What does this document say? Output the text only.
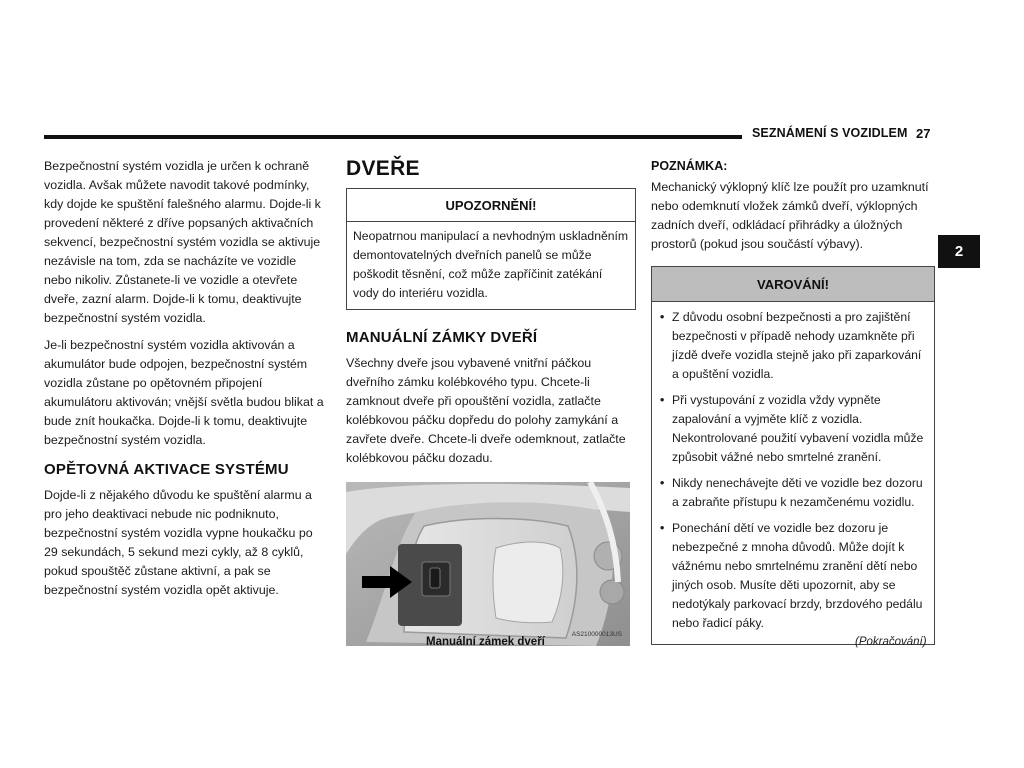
SEZNÁMENÍ S VOZIDLEM 27
2

Bezpečnostní systém vozidla je určen k ochraně vozidla. Avšak můžete navodit takové podmínky, kdy dojde ke spuštění falešného alarmu. Dojde-li k provedení některé z dříve popsaných aktivačních sekvencí, bezpečnostní systém vozidla se aktivuje nezávisle na tom, zda se nacházíte ve vozidle nebo nikoliv. Zůstanete-li ve vozidle a otevřete dveře, zazní alarm. Dojde-li k tomu, deaktivujte bezpečnostní systém vozidla.

Je-li bezpečnostní systém vozidla aktivován a akumulátor bude odpojen, bezpečnostní systém vozidla zůstane po opětovném připojení akumulátoru aktivován; vnější světla budou blikat a bude znít houkačka. Dojde-li k tomu, deaktivujte bezpečnostní systém vozidla.

OPĚTOVNÁ AKTIVACE SYSTÉMU

Dojde-li z nějakého důvodu ke spuštění alarmu a pro jeho deaktivaci nebude nic podniknuto, bezpečnostní systém vozidla vypne houkačku po 29 sekundách, 5 sekund mezi cykly, až 8 cyklů, pokud spouštěč zůstane aktivní, a pak se bezpečnostní systém vozidla opět aktivuje.

DVEŘE
UPOZORNĚNÍ!
Neopatrnou manipulací a nevhodným uskladněním demontovatelných dveřních panelů se může poškodit těsnění, což může zapříčinit zatékání vody do interiéru vozidla.
MANUÁLNÍ ZÁMKY DVEŘÍ

Všechny dveře jsou vybavené vnitřní páčkou dveřního zámku kolébkového typu. Chcete-li zamknout dveře při opouštění vozidla, zatlačte kolébkovou páčku dopředu do polohy zamykání a zavřete dveře. Chcete-li dveře odemknout, zatlačte kolébkovou páčku dozadu.

AS210000013US
Manuální zámek dveří
POZNÁMKA:

Mechanický výklopný klíč lze použít pro uzamknutí nebo odemknutí vložek zámků dveří, výklopných zadních dveří, odkládací přihrádky a úložných prostorů (pokud jsou součástí výbavy).

VAROVÁNÍ!
• Z důvodu osobní bezpečnosti a pro zajištění bezpečnosti v případě nehody uzamkněte při jízdě dveře vozidla stejně jako při zaparkování a opuštění vozidla.
• Při vystupování z vozidla vždy vypněte zapalování a vyjměte klíč z vozidla. Nekontrolované použití vybavení vozidla může způsobit vážné nebo smrtelné zranění.
• Nikdy nenechávejte děti ve vozidle bez dozoru a zabraňte přístupu k nezamčenému vozidlu.
• Ponechání dětí ve vozidle bez dozoru je nebezpečné z mnoha důvodů. Může dojít k vážnému nebo smrtelnému zranění dětí nebo jiných osob. Musíte děti upozornit, aby se nedotýkaly parkovací brzdy, brzdového pedálu nebo řadicí páky.
(Pokračování)
